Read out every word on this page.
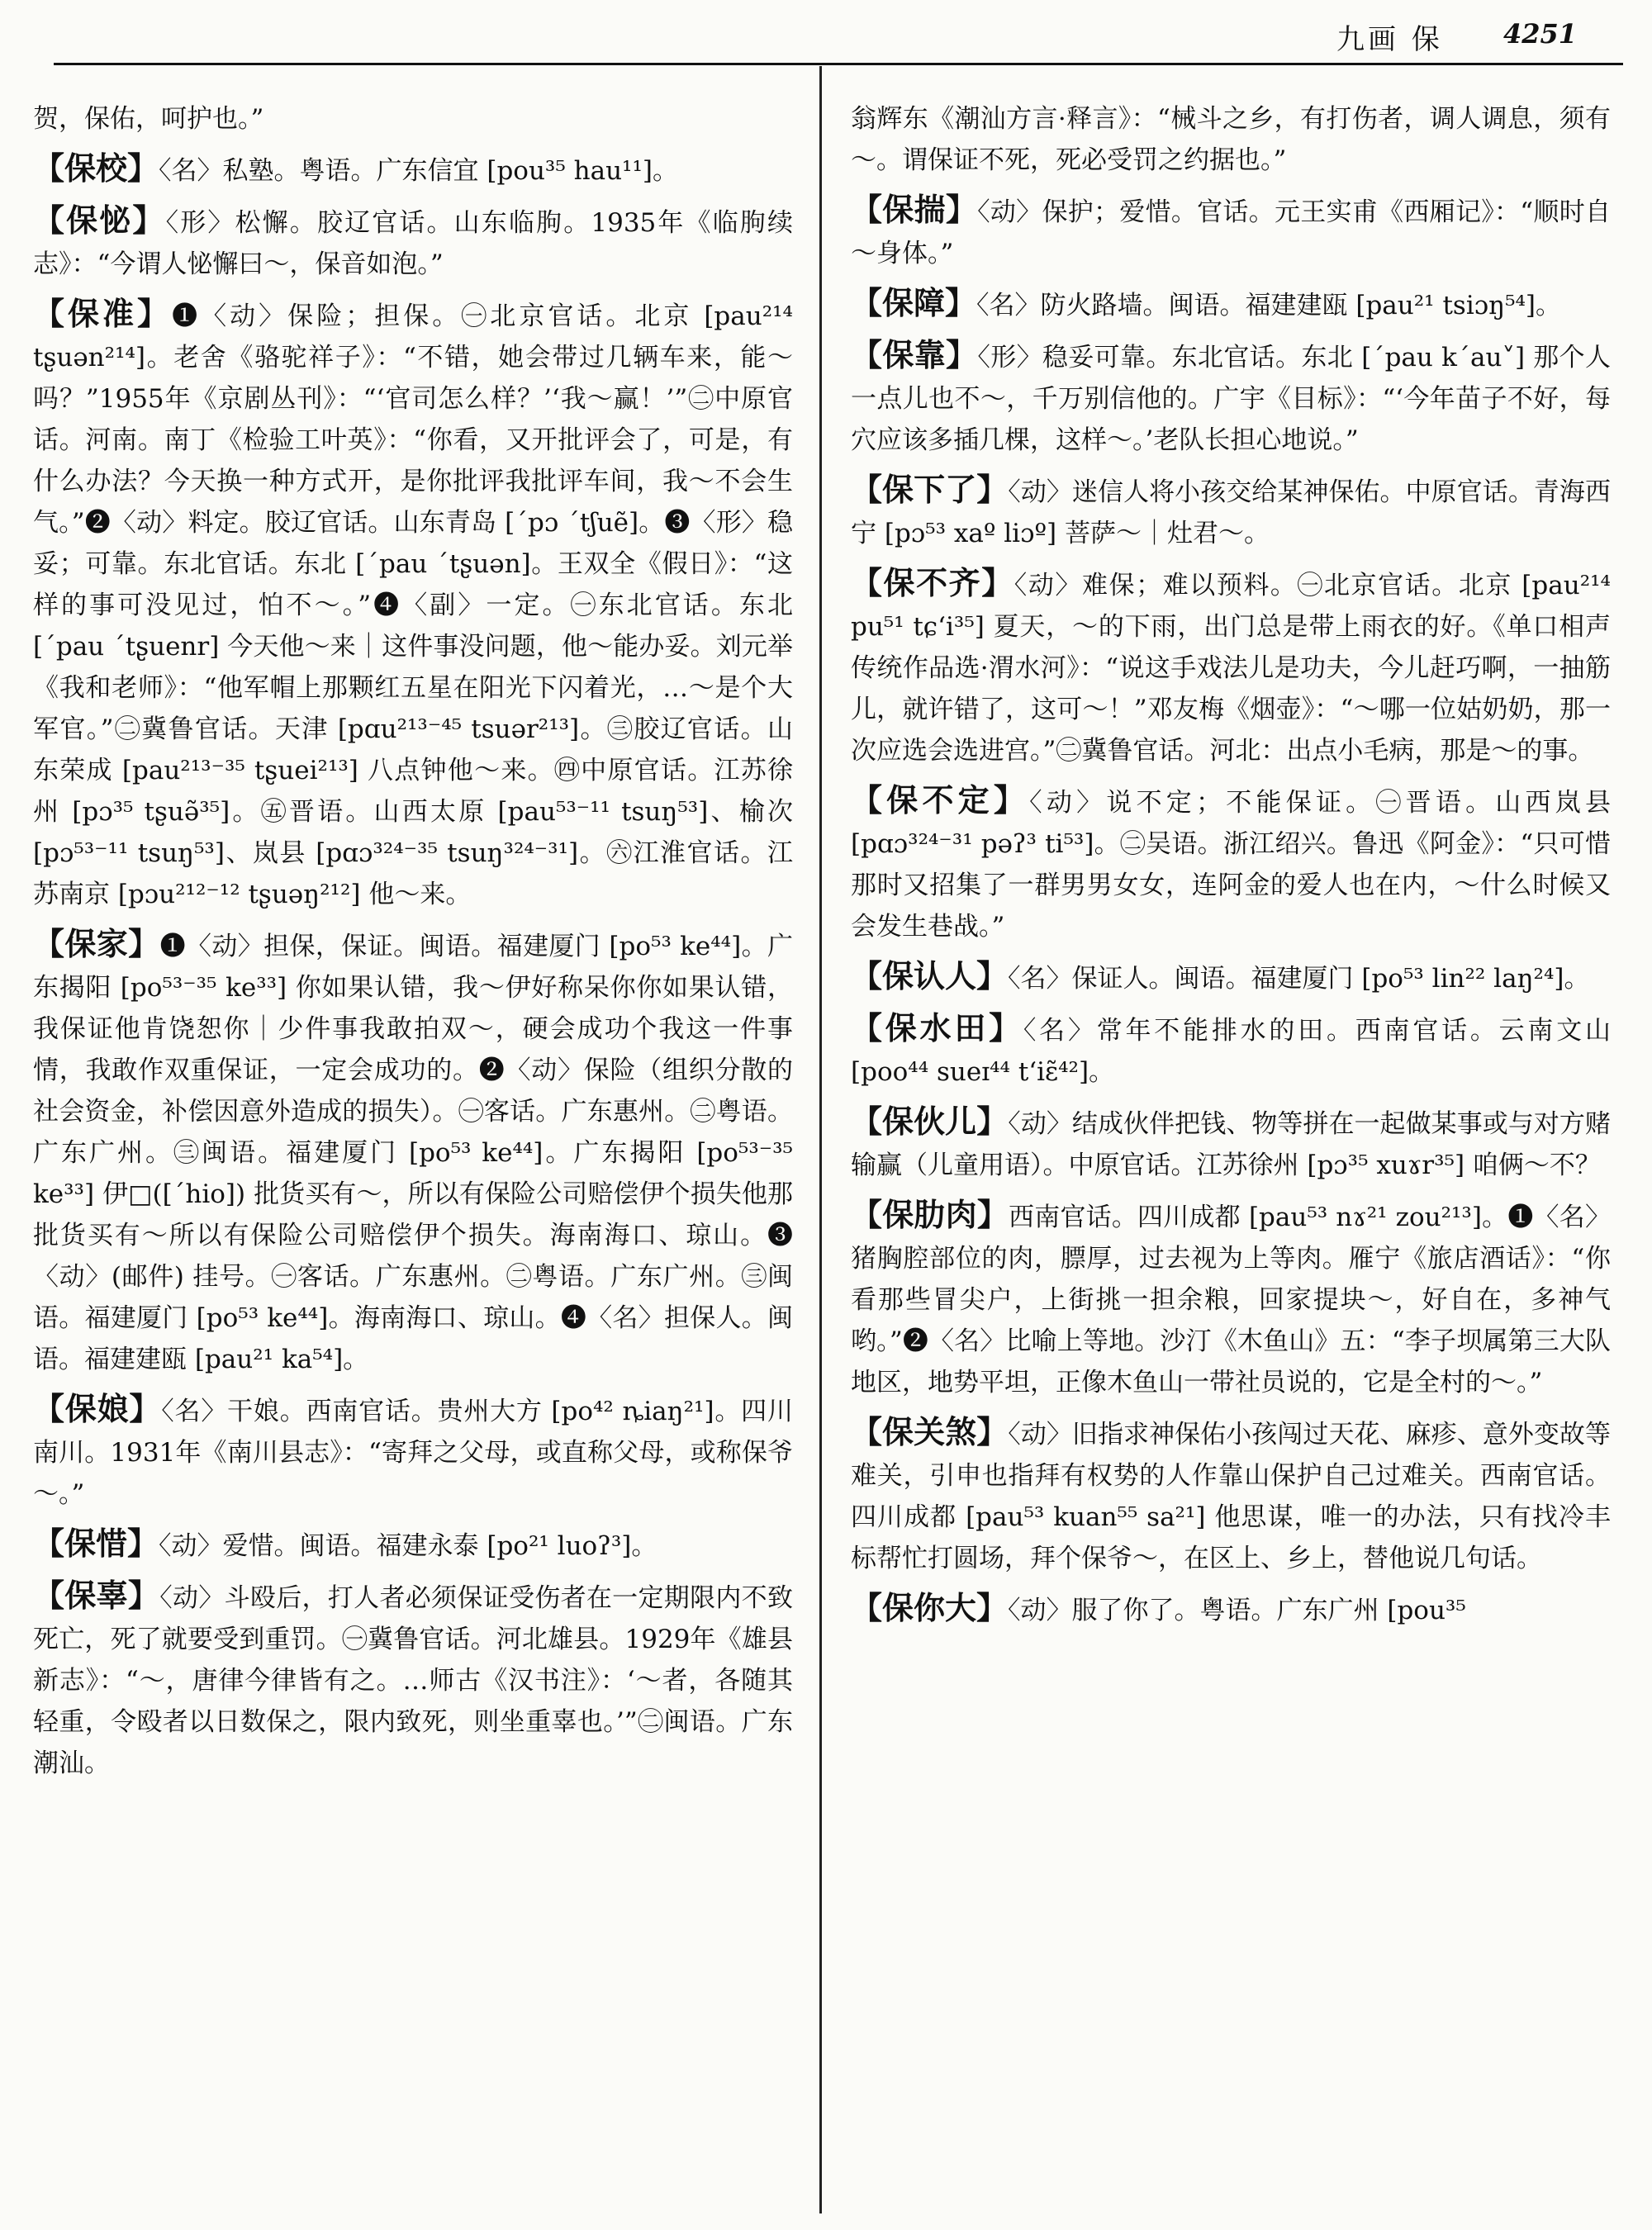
九画 保 4251

贺，保佑，呵护也。”

【保校】〈名〉私塾。粤语。广东信宜 [pou³⁵ hau¹¹]。

【保怭】〈形〉松懈。胶辽官话。山东临朐。1935年《临朐续志》：“今谓人怭懈曰～，保音如泡。”

【保准】❶〈动〉保险；担保。㊀北京官话。北京 [pau²¹⁴ tʂuən²¹⁴]。老舍《骆驼祥子》：“不错，她会带过几辆车来，能～吗？”1955年《京剧丛刊》：“‘官司怎么样？’‘我～赢！’”㊁中原官话。河南。南丁《检验工叶英》：“你看，又开批评会了，可是，有什么办法？今天换一种方式开，是你批评我批评车间，我～不会生气。”❷〈动〉料定。胶辽官话。山东青岛 [ˊpɔ ˊtʃuẽ]。❸〈形〉稳妥；可靠。东北官话。东北 [ˊpau ˊtʂuən]。王双全《假日》：“这样的事可没见过，怕不～。”❹〈副〉一定。㊀东北官话。东北 [ˊpau ˊtʂuenr] 今天他～来｜这件事没问题，他～能办妥。刘元举《我和老师》：“他军帽上那颗红五星在阳光下闪着光，…～是个大军官。”㊁冀鲁官话。天津 [pɑu²¹³⁻⁴⁵ tsuər²¹³]。㊂胶辽官话。山东荣成 [pau²¹³⁻³⁵ tʂuei²¹³] 八点钟他～来。㊃中原官话。江苏徐州 [pɔ³⁵ tʂuə̃³⁵]。㊄晋语。山西太原 [pau⁵³⁻¹¹ tsuŋ⁵³]、榆次 [pɔ⁵³⁻¹¹ tsuŋ⁵³]、岚县 [pɑɔ³²⁴⁻³⁵ tsuŋ³²⁴⁻³¹]。㊅江淮官话。江苏南京 [pɔu²¹²⁻¹² tʂuəŋ²¹²] 他～来。

【保家】❶〈动〉担保，保证。闽语。福建厦门 [po⁵³ ke⁴⁴]。广东揭阳 [po⁵³⁻³⁵ ke³³] 你如果认错，我～伊好称呆你你如果认错，我保证他肯饶恕你｜少件事我敢拍双～，硬会成功个我这一件事情，我敢作双重保证，一定会成功的。❷〈动〉保险（组织分散的社会资金，补偿因意外造成的损失）。㊀客话。广东惠州。㊁粤语。广东广州。㊂闽语。福建厦门 [po⁵³ ke⁴⁴]。广东揭阳 [po⁵³⁻³⁵ ke³³] 伊□([ˊhio]) 批货买有～，所以有保险公司赔偿伊个损失他那批货买有～所以有保险公司赔偿伊个损失。海南海口、琼山。❸〈动〉(邮件) 挂号。㊀客话。广东惠州。㊁粤语。广东广州。㊂闽语。福建厦门 [po⁵³ ke⁴⁴]。海南海口、琼山。❹〈名〉担保人。闽语。福建建瓯 [pau²¹ ka⁵⁴]。

【保娘】〈名〉干娘。西南官话。贵州大方 [po⁴² ȵiaŋ²¹]。四川南川。1931年《南川县志》：“寄拜之父母，或直称父母，或称保爷～。”

【保惜】〈动〉爱惜。闽语。福建永泰 [po²¹ luoʔ³]。

【保辜】〈动〉斗殴后，打人者必须保证受伤者在一定期限内不致死亡，死了就要受到重罚。㊀冀鲁官话。河北雄县。1929年《雄县新志》：“～，唐律今律皆有之。…师古《汉书注》：‘～者，各随其轻重，令殴者以日数保之，限内致死，则坐重辜也。’”㊁闽语。广东潮汕。

翁辉东《潮汕方言·释言》：“械斗之乡，有打伤者，调人调息，须有～。谓保证不死，死必受罚之约据也。”

【保揣】〈动〉保护；爱惜。官话。元王实甫《西厢记》：“顺时自～身体。”

【保障】〈名〉防火路墙。闽语。福建建瓯 [pau²¹ tsiɔŋ⁵⁴]。

【保靠】〈形〉稳妥可靠。东北官话。东北 [ˊpau kˊau˅] 那个人一点儿也不～，千万别信他的。广宇《目标》：“‘今年苗子不好，每穴应该多插几棵，这样～。’老队长担心地说。”

【保下了】〈动〉迷信人将小孩交给某神保佑。中原官话。青海西宁 [pɔ⁵³ xaº liɔº] 菩萨～｜灶君～。

【保不齐】〈动〉难保；难以预料。㊀北京官话。北京 [pau²¹⁴ pu⁵¹ tɕʻi³⁵] 夏天，～的下雨，出门总是带上雨衣的好。《单口相声传统作品选·渭水河》：“说这手戏法儿是功夫，今儿赶巧啊，一抽筋儿，就许错了，这可～！”邓友梅《烟壶》：“～哪一位姑奶奶，那一次应选会选进宫。”㊁冀鲁官话。河北：出点小毛病，那是～的事。

【保不定】〈动〉说不定；不能保证。㊀晋语。山西岚县 [pɑɔ³²⁴⁻³¹ pəʔ³ ti⁵³]。㊁吴语。浙江绍兴。鲁迅《阿金》：“只可惜那时又招集了一群男男女女，连阿金的爱人也在内，～什么时候又会发生巷战。”

【保认人】〈名〉保证人。闽语。福建厦门 [po⁵³ lin²² laŋ²⁴]。

【保水田】〈名〉常年不能排水的田。西南官话。云南文山 [poo⁴⁴ sueɪ⁴⁴ tʻiɛ̃⁴²]。

【保伙儿】〈动〉结成伙伴把钱、物等拼在一起做某事或与对方赌输赢（儿童用语）。中原官话。江苏徐州 [pɔ³⁵ xuɤr³⁵] 咱俩～不？

【保肋肉】西南官话。四川成都 [pau⁵³ nɤ²¹ zou²¹³]。❶〈名〉猪胸腔部位的肉，膘厚，过去视为上等肉。雁宁《旅店酒话》：“你看那些冒尖户，上街挑一担余粮，回家提块～，好自在，多神气哟。”❷〈名〉比喻上等地。沙汀《木鱼山》五：“李子坝属第三大队地区，地势平坦，正像木鱼山一带社员说的，它是全村的～。”

【保关煞】〈动〉旧指求神保佑小孩闯过天花、麻疹、意外变故等难关，引申也指拜有权势的人作靠山保护自己过难关。西南官话。四川成都 [pau⁵³ kuan⁵⁵ sa²¹] 他思谋，唯一的办法，只有找冷丰标帮忙打圆场，拜个保爷～，在区上、乡上，替他说几句话。

【保你大】〈动〉服了你了。粤语。广东广州 [pou³⁵
